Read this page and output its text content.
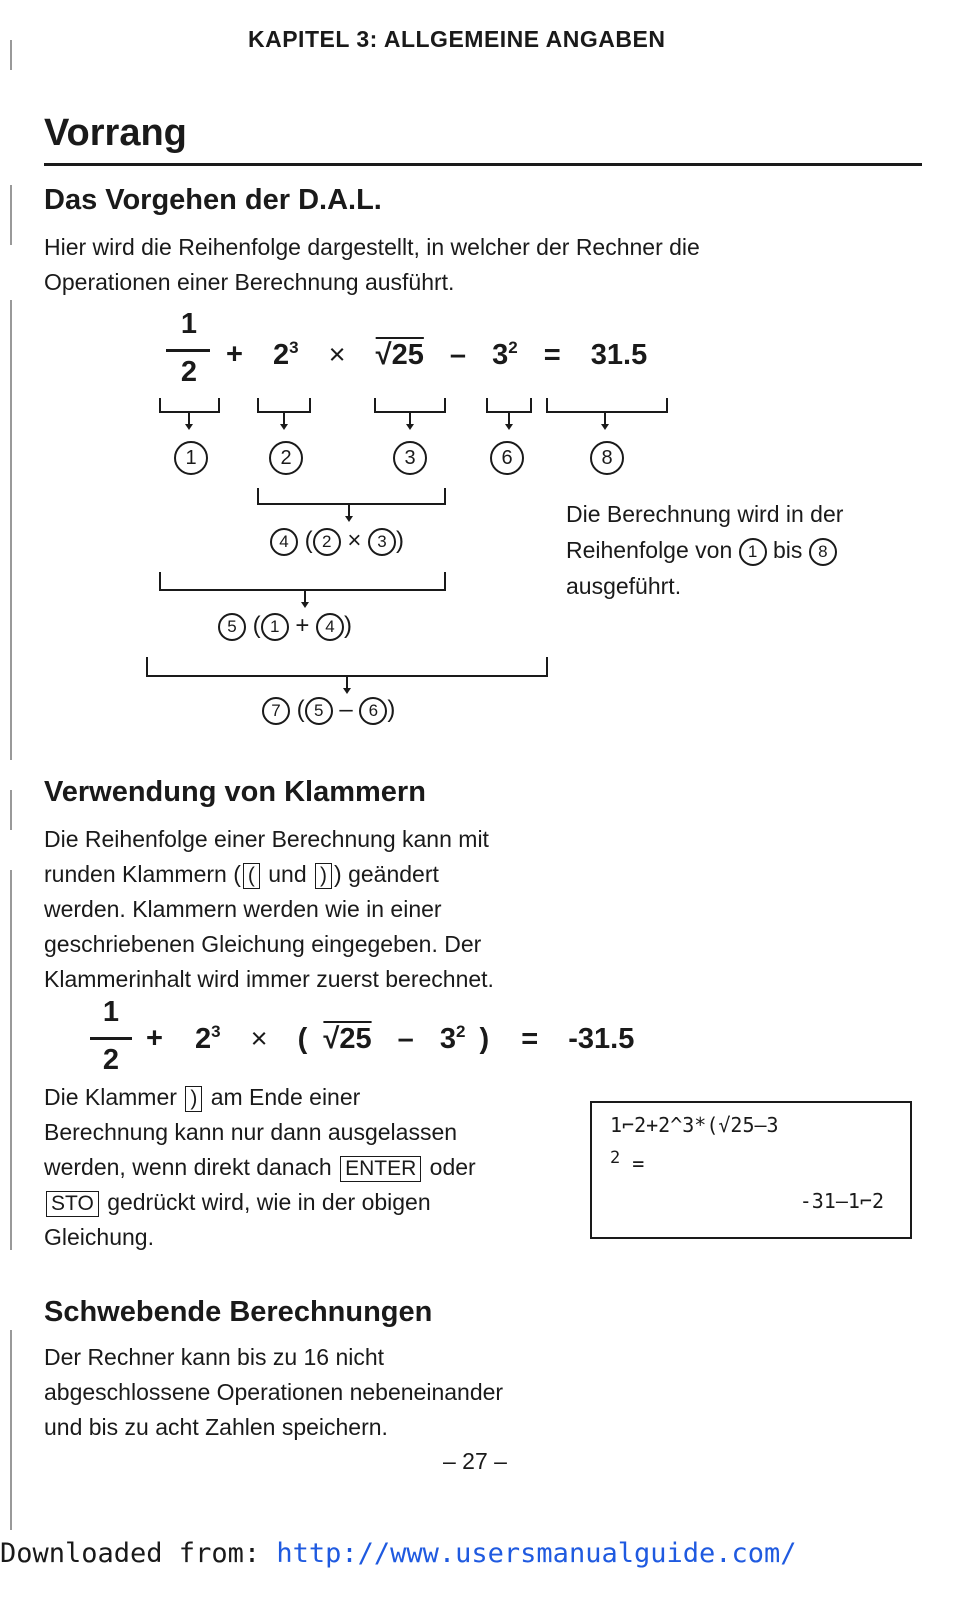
KAPITEL 3: ALLGEMEINE ANGABEN
Vorrang
Das Vorgehen der D.A.L.
Hier wird die Reihenfolge dargestellt, in welcher der Rechner die
Operationen einer Berechnung ausführt.
1
2
+ $2^3 \times √25 - 3^2 = 31.5$
1	2	3	6	8
4 ( 2 × 3 )
5 ( 1 + 4 )
7 ( 5 – 6 )
Die Berechnung wird in der
Reihenfolge von 1 bis 8
ausgeführt.
Verwendung von Klammern
Die Reihenfolge einer Berechnung kann mit
runden Klammern ( ( und ) ) geändert
werden. Klammern werden wie in einer
geschriebenen Gleichung eingegeben. Der
Klammerinhalt wird immer zuerst berechnet.
1
2
+ $2^3$ × ( $√25 - 3^2$ ) = -31.5
Die Klammer ) am Ende einer
Berechnung kann nur dann ausgelassen
werden, wenn direkt danach ENTER oder
STO gedrückt wird, wie in der obigen
Gleichung.
1⌐2+2^3*(√25–3
$^2$ =
-31–1⌐2
Schwebende Berechnungen
Der Rechner kann bis zu 16 nicht
abgeschlossene Operationen nebeneinander
und bis zu acht Zahlen speichern.
– 27 –
Downloaded from: http://www.usersmanualguide.com/
